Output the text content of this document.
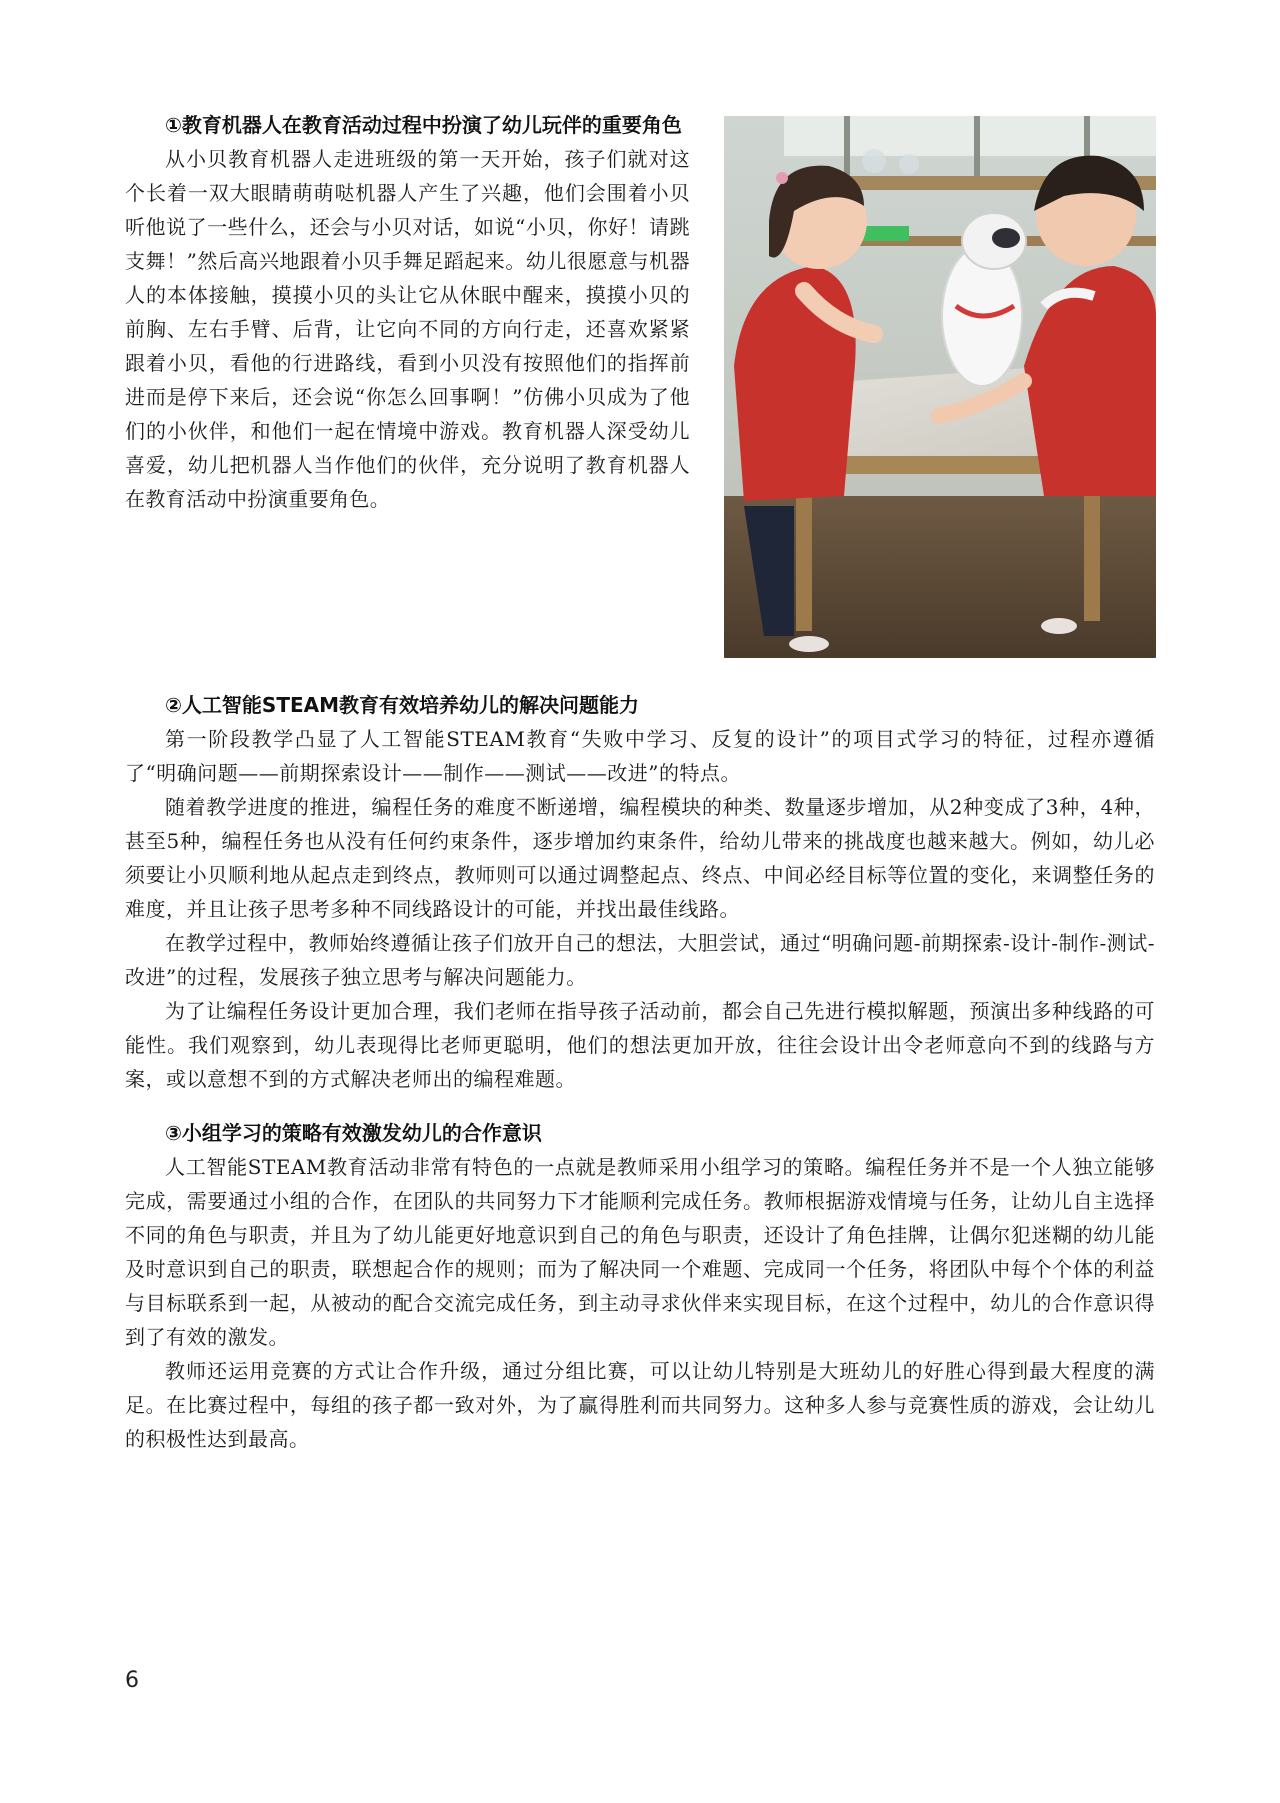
①教育机器人在教育活动过程中扮演了幼儿玩伴的重要角色

从小贝教育机器人走进班级的第一天开始，孩子们就对这个长着一双大眼睛萌萌哒机器人产生了兴趣，他们会围着小贝听他说了一些什么，还会与小贝对话，如说“小贝，你好！请跳支舞！”然后高兴地跟着小贝手舞足蹈起来。幼儿很愿意与机器人的本体接触，摸摸小贝的头让它从休眠中醒来，摸摸小贝的前胸、左右手臂、后背，让它向不同的方向行走，还喜欢紧紧跟着小贝，看他的行进路线，看到小贝没有按照他们的指挥前进而是停下来后，还会说“你怎么回事啊！”仿佛小贝成为了他们的小伙伴，和他们一起在情境中游戏。教育机器人深受幼儿喜爱，幼儿把机器人当作他们的伙伴，充分说明了教育机器人在教育活动中扮演重要角色。

②人工智能STEAM教育有效培养幼儿的解决问题能力

第一阶段教学凸显了人工智能STEAM教育“失败中学习、反复的设计”的项目式学习的特征，过程亦遵循了“明确问题——前期探索设计——制作——测试——改进”的特点。

随着教学进度的推进，编程任务的难度不断递增，编程模块的种类、数量逐步增加，从2种变成了3种，4种，甚至5种，编程任务也从没有任何约束条件，逐步增加约束条件，给幼儿带来的挑战度也越来越大。例如，幼儿必须要让小贝顺利地从起点走到终点，教师则可以通过调整起点、终点、中间必经目标等位置的变化，来调整任务的难度，并且让孩子思考多种不同线路设计的可能，并找出最佳线路。

在教学过程中，教师始终遵循让孩子们放开自己的想法，大胆尝试，通过“明确问题-前期探索-设计-制作-测试-改进”的过程，发展孩子独立思考与解决问题能力。

为了让编程任务设计更加合理，我们老师在指导孩子活动前，都会自己先进行模拟解题，预演出多种线路的可能性。我们观察到，幼儿表现得比老师更聪明，他们的想法更加开放，往往会设计出令老师意向不到的线路与方案，或以意想不到的方式解决老师出的编程难题。

③小组学习的策略有效激发幼儿的合作意识

人工智能STEAM教育活动非常有特色的一点就是教师采用小组学习的策略。编程任务并不是一个人独立能够完成，需要通过小组的合作，在团队的共同努力下才能顺利完成任务。教师根据游戏情境与任务，让幼儿自主选择不同的角色与职责，并且为了幼儿能更好地意识到自己的角色与职责，还设计了角色挂牌，让偶尔犯迷糊的幼儿能及时意识到自己的职责，联想起合作的规则；而为了解决同一个难题、完成同一个任务，将团队中每个个体的利益与目标联系到一起，从被动的配合交流完成任务，到主动寻求伙伴来实现目标，在这个过程中，幼儿的合作意识得到了有效的激发。

教师还运用竞赛的方式让合作升级，通过分组比赛，可以让幼儿特别是大班幼儿的好胜心得到最大程度的满足。在比赛过程中，每组的孩子都一致对外，为了赢得胜利而共同努力。这种多人参与竞赛性质的游戏，会让幼儿的积极性达到最高。

6
